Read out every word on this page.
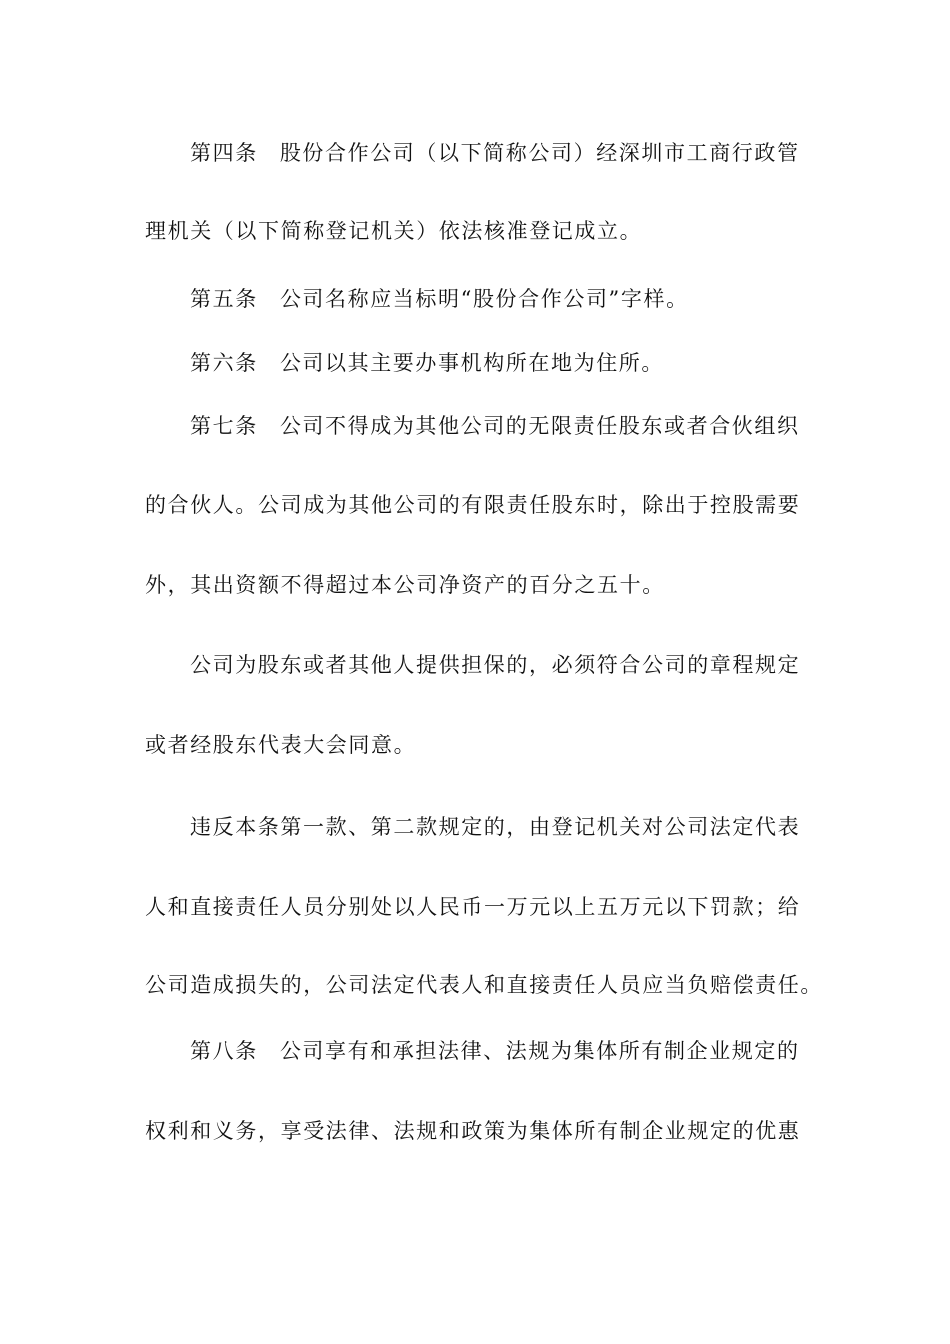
第四条 股份合作公司（以下简称公司）经深圳市工商行政管
理机关（以下简称登记机关）依法核准登记成立。
第五条 公司名称应当标明“股份合作公司”字样。
第六条 公司以其主要办事机构所在地为住所。
第七条 公司不得成为其他公司的无限责任股东或者合伙组织
的合伙人。公司成为其他公司的有限责任股东时，除出于控股需要
外，其出资额不得超过本公司净资产的百分之五十。
公司为股东或者其他人提供担保的，必须符合公司的章程规定
或者经股东代表大会同意。
违反本条第一款、第二款规定的，由登记机关对公司法定代表
人和直接责任人员分别处以人民币一万元以上五万元以下罚款；给
公司造成损失的，公司法定代表人和直接责任人员应当负赔偿责任。
第八条 公司享有和承担法律、法规为集体所有制企业规定的
权利和义务，享受法律、法规和政策为集体所有制企业规定的优惠
